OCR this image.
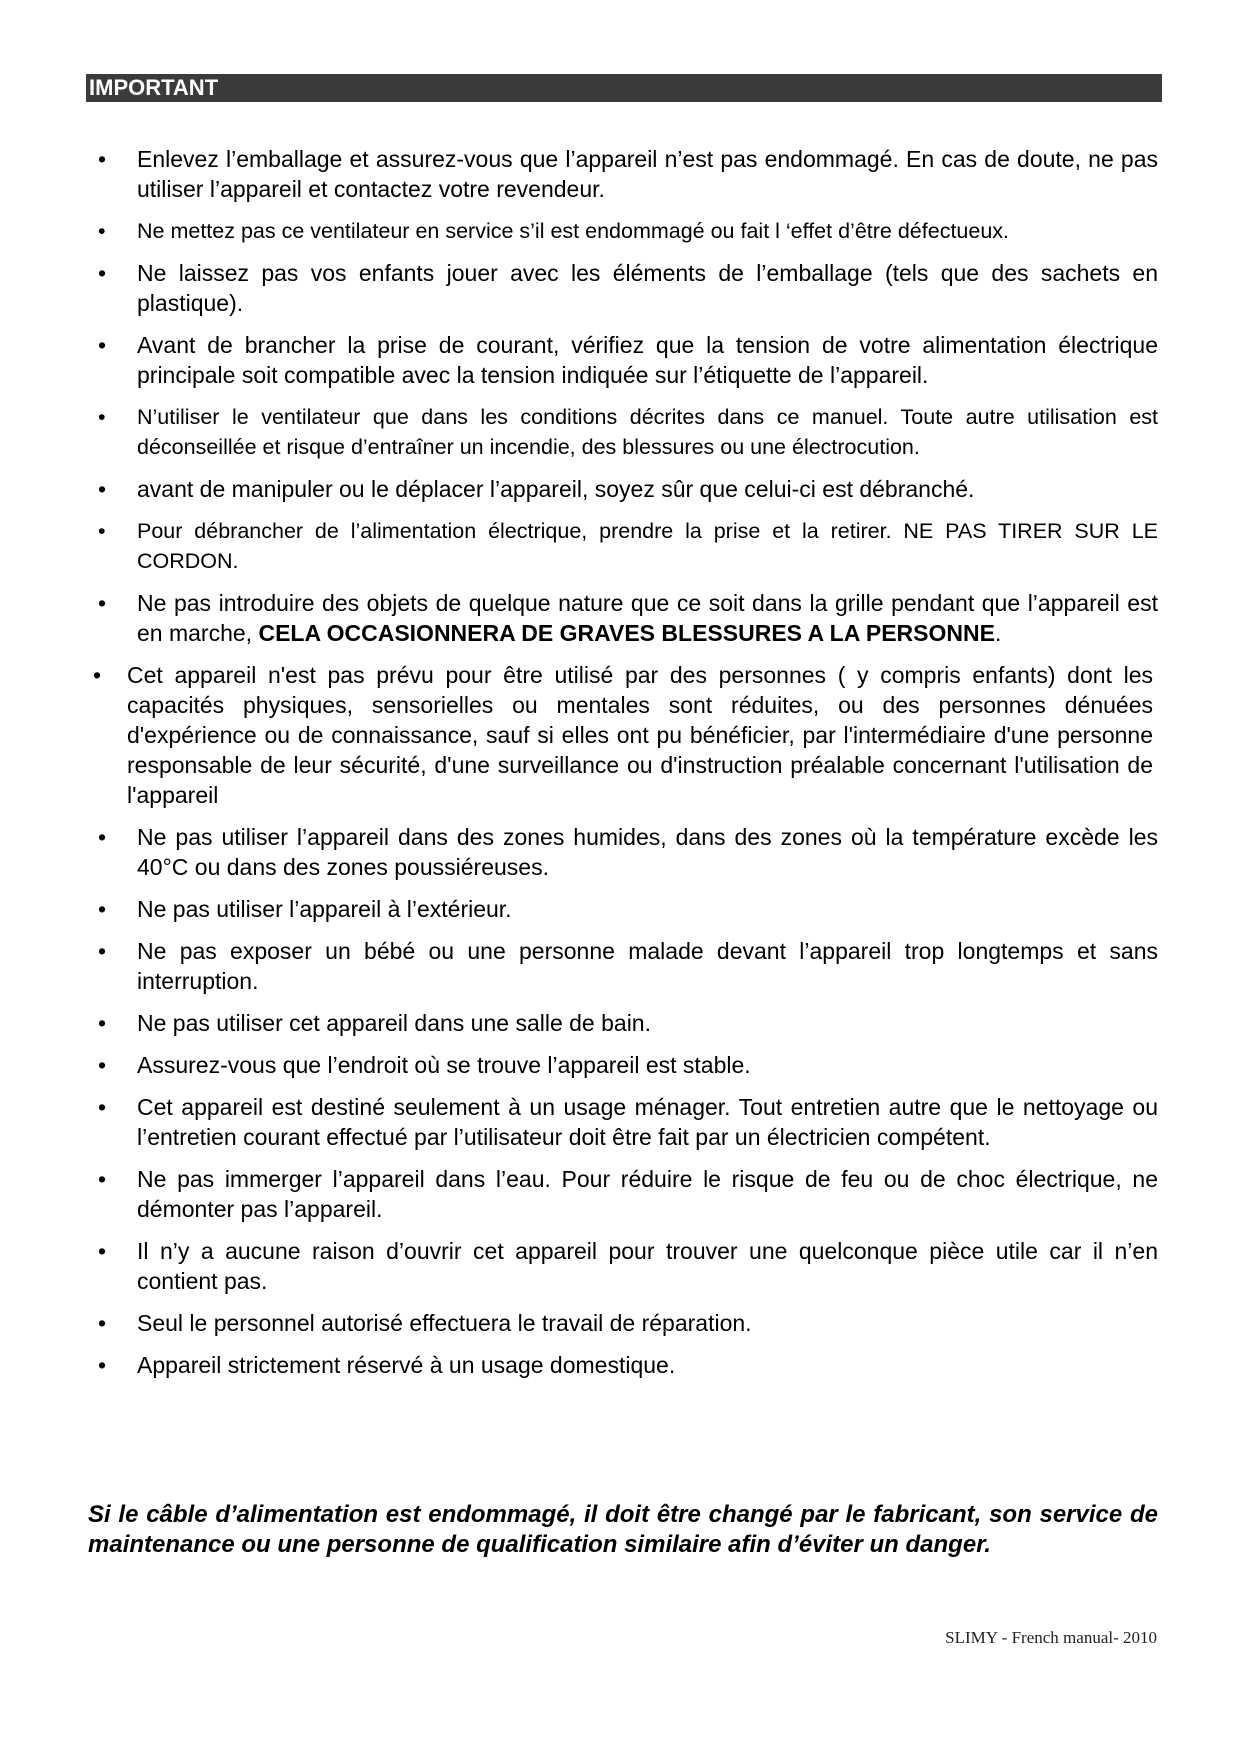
IMPORTANT
•	Enlevez l’emballage et assurez-vous que l’appareil n’est pas endommagé. En cas de doute, ne pas utiliser l’appareil et contactez votre revendeur.
•	Ne mettez pas ce ventilateur en service s’il est endommagé ou fait l ‘effet d’être défectueux.
•	Ne laissez pas vos enfants jouer avec les éléments de l’emballage (tels que des sachets en plastique).
•	Avant de brancher la prise de courant, vérifiez que la tension de votre alimentation électrique principale soit compatible avec la tension indiquée sur l’étiquette de l’appareil.
•	N’utiliser le ventilateur que dans les conditions décrites dans ce manuel. Toute autre utilisation est déconseillée et risque d’entraîner un incendie, des blessures ou une électrocution.
•	avant de manipuler ou le déplacer l’appareil, soyez sûr que celui-ci est débranché.
•	Pour débrancher de l’alimentation électrique, prendre la prise et la retirer. NE PAS TIRER SUR LE CORDON.
•	Ne pas introduire des objets de quelque nature que ce soit dans la grille pendant que l’appareil est en marche, CELA OCCASIONNERA DE GRAVES BLESSURES A LA PERSONNE.
•	Cet appareil n'est pas prévu pour être utilisé par des personnes ( y compris enfants) dont les capacités physiques, sensorielles ou mentales sont réduites, ou des personnes dénuées d'expérience ou de connaissance, sauf si elles ont pu bénéficier, par l'intermédiaire d'une personne responsable de leur sécurité, d'une surveillance ou d'instruction préalable concernant l'utilisation de l'appareil
•	Ne pas utiliser l’appareil dans des zones humides, dans des zones où la température excède les 40°C ou dans des zones poussiéreuses.
•	Ne pas utiliser l’appareil à l’extérieur.
•	Ne pas exposer un bébé ou une personne malade devant l’appareil trop longtemps et sans interruption.
•	Ne pas utiliser cet appareil dans une salle de bain.
•	Assurez-vous que l’endroit où se trouve l’appareil est stable.
•	Cet appareil est destiné seulement à un usage ménager. Tout entretien autre que le nettoyage ou l’entretien courant effectué par l’utilisateur doit être fait par un électricien compétent.
•	Ne pas immerger l’appareil dans l’eau. Pour réduire le risque de feu ou de choc électrique, ne démonter pas l’appareil.
•	Il n’y a aucune raison d’ouvrir cet appareil pour trouver une quelconque pièce utile car il n’en contient pas.
•	Seul le personnel autorisé effectuera le travail de réparation.
•	Appareil strictement réservé à un usage domestique.
Si le câble d’alimentation est endommagé, il doit être changé par le fabricant, son service de maintenance ou une personne de qualification similaire afin d’éviter un danger.
SLIMY - French manual- 2010
